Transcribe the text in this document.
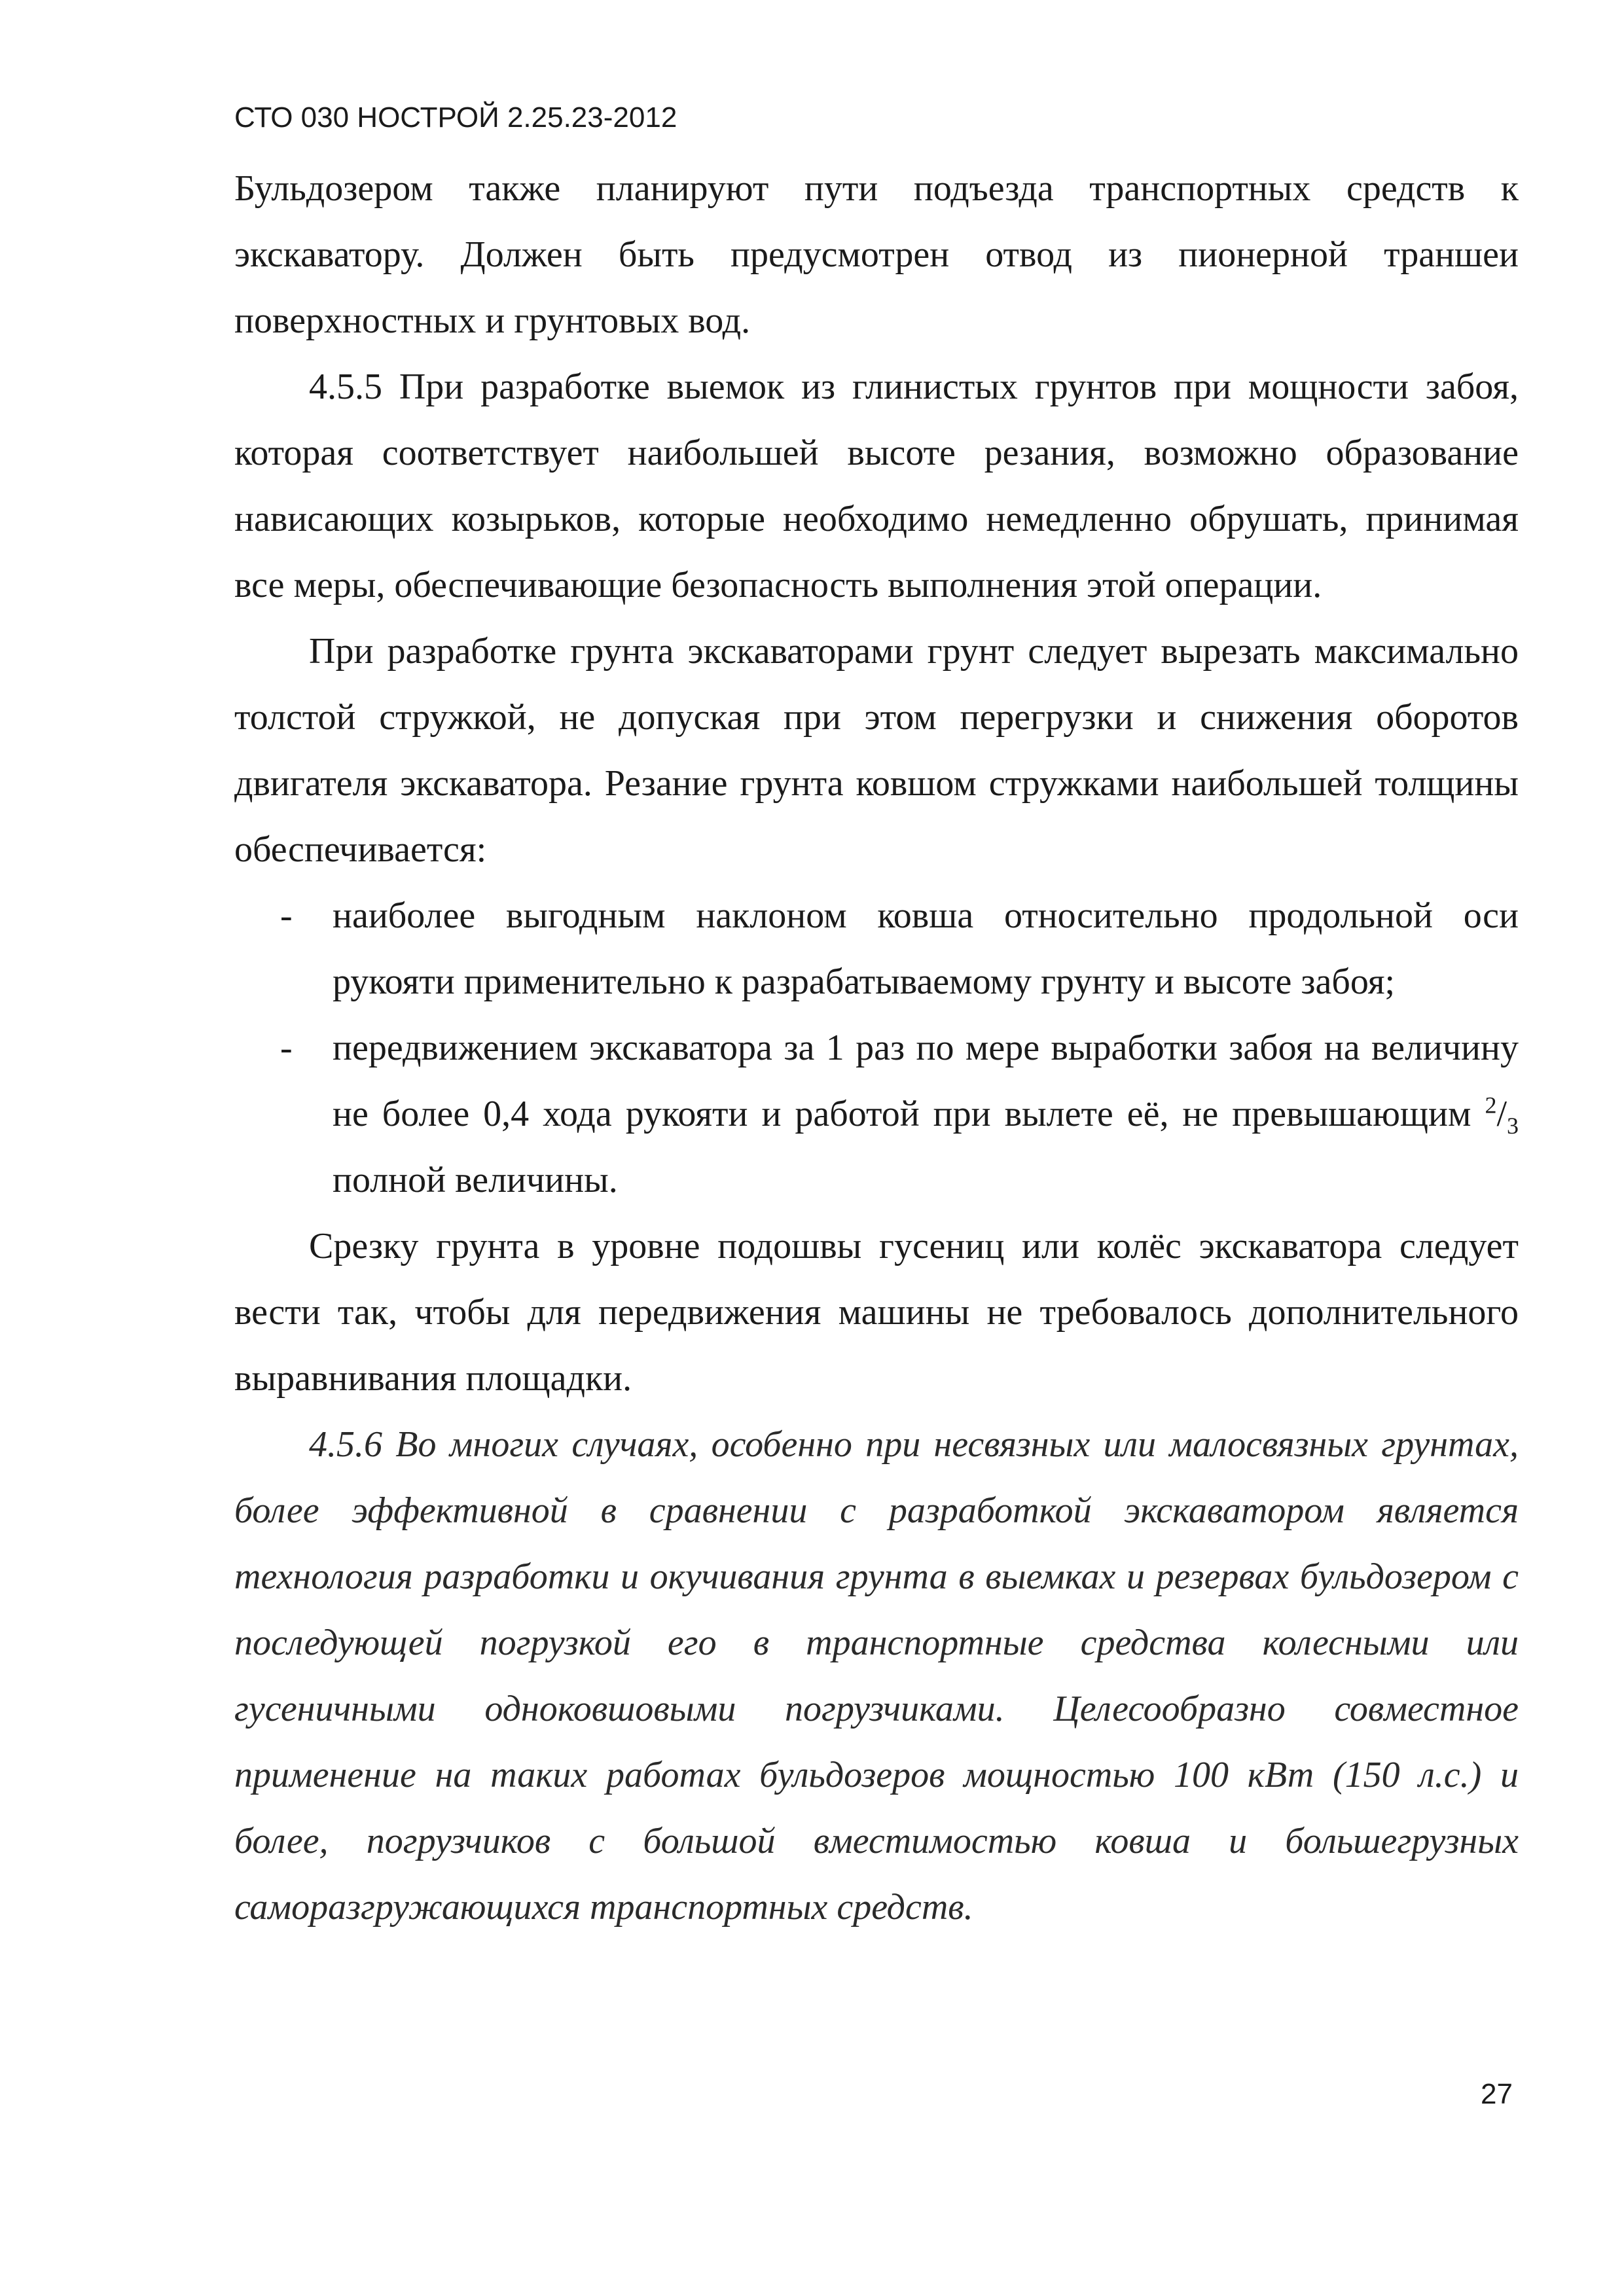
СТО 030 НОСТРОЙ 2.25.23-2012

Бульдозером также планируют пути подъезда транспортных средств к экскаватору. Должен быть предусмотрен отвод из пионерной траншеи поверхностных и грунтовых вод.

4.5.5 При разработке выемок из глинистых грунтов при мощности забоя, которая соответствует наибольшей высоте резания, возможно образование нависающих козырьков, которые необходимо немедленно обрушать, принимая все меры, обеспечивающие безопасность выполнения этой операции.

При разработке грунта экскаваторами грунт следует вырезать максимально толстой стружкой, не допуская при этом перегрузки и снижения оборотов двигателя экскаватора. Резание грунта ковшом стружками наибольшей толщины обеспечивается:

- наиболее выгодным наклоном ковша относительно продольной оси рукояти применительно к разрабатываемому грунту и высоте забоя;
- передвижением экскаватора за 1 раз по мере выработки забоя на величину не более 0,4 хода рукояти и работой при вылете её, не превышающим $^2/_3$ полной величины.

Срезку грунта в уровне подошвы гусениц или колёс экскаватора следует вести так, чтобы для передвижения машины не требовалось дополнительного выравнивания площадки.

4.5.6 Во многих случаях, особенно при несвязных или малосвязных грунтах, более эффективной в сравнении с разработкой экскаватором является технология разработки и окучивания грунта в выемках и резервах бульдозером с последующей погрузкой его в транспортные средства колесными или гусеничными одноковшовыми погрузчиками. Целесообразно совместное применение на таких работах бульдозеров мощностью 100 кВт (150 л.с.) и более, погрузчиков с большой вместимостью ковша и большегрузных саморазгружающихся транспортных средств.

27
